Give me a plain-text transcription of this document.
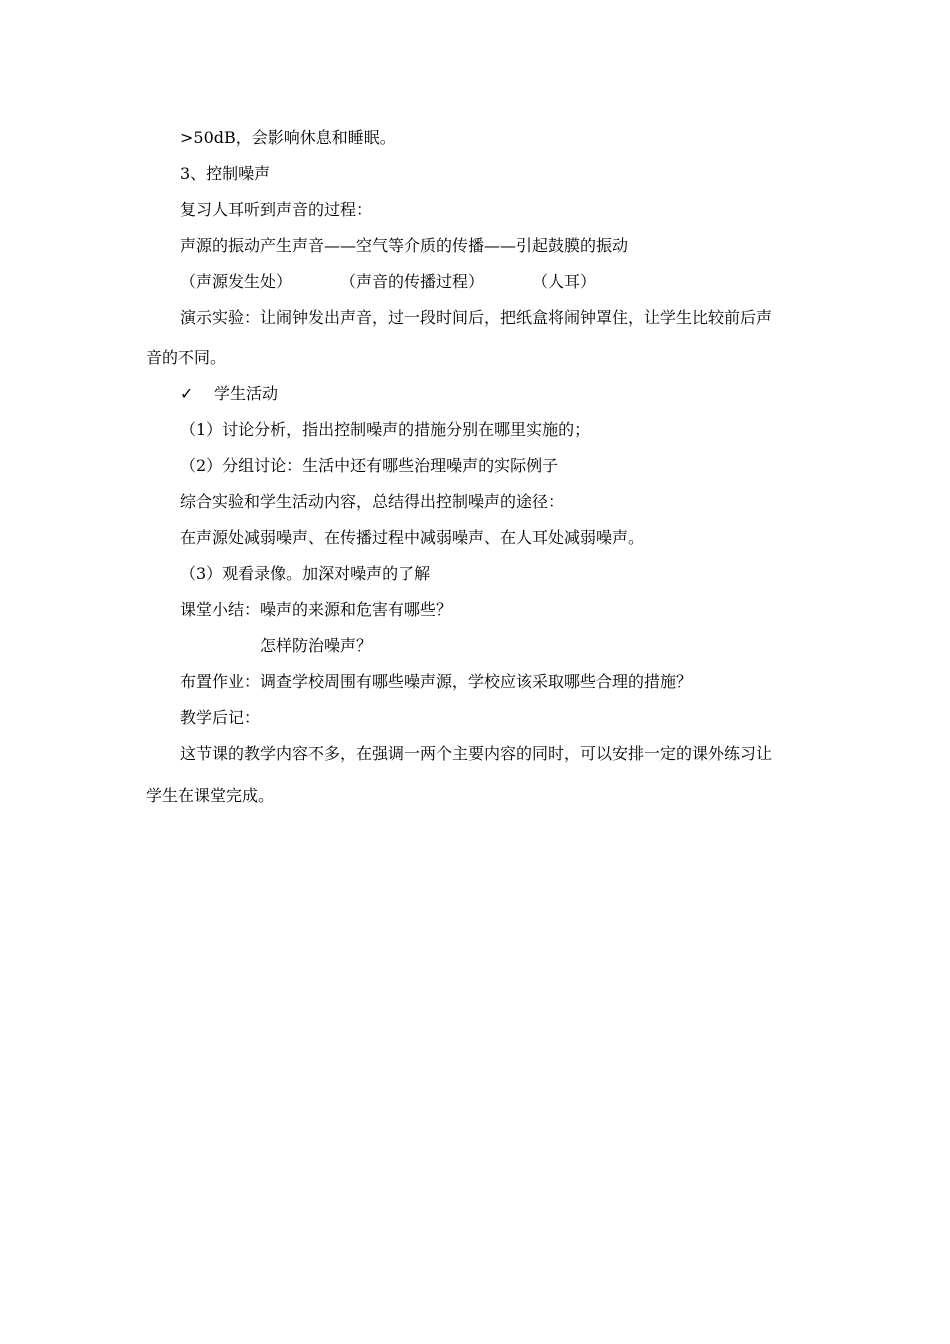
>50dB，会影响休息和睡眠。
3、控制噪声
复习人耳听到声音的过程：
声源的振动产生声音——空气等介质的传播——引起鼓膜的振动
（声源发生处）	（声音的传播过程）	（人耳）
演示实验：让闹钟发出声音，过一段时间后，把纸盒将闹钟罩住，让学生比较前后声
音的不同。
✓ 学生活动
（1）讨论分析，指出控制噪声的措施分别在哪里实施的；
（2）分组讨论：生活中还有哪些治理噪声的实际例子
综合实验和学生活动内容，总结得出控制噪声的途径：
在声源处减弱噪声、在传播过程中减弱噪声、在人耳处减弱噪声。
（3）观看录像。加深对噪声的了解
课堂小结：噪声的来源和危害有哪些？
怎样防治噪声？
布置作业：调查学校周围有哪些噪声源，学校应该采取哪些合理的措施？
教学后记：
这节课的教学内容不多，在强调一两个主要内容的同时，可以安排一定的课外练习让
学生在课堂完成。
